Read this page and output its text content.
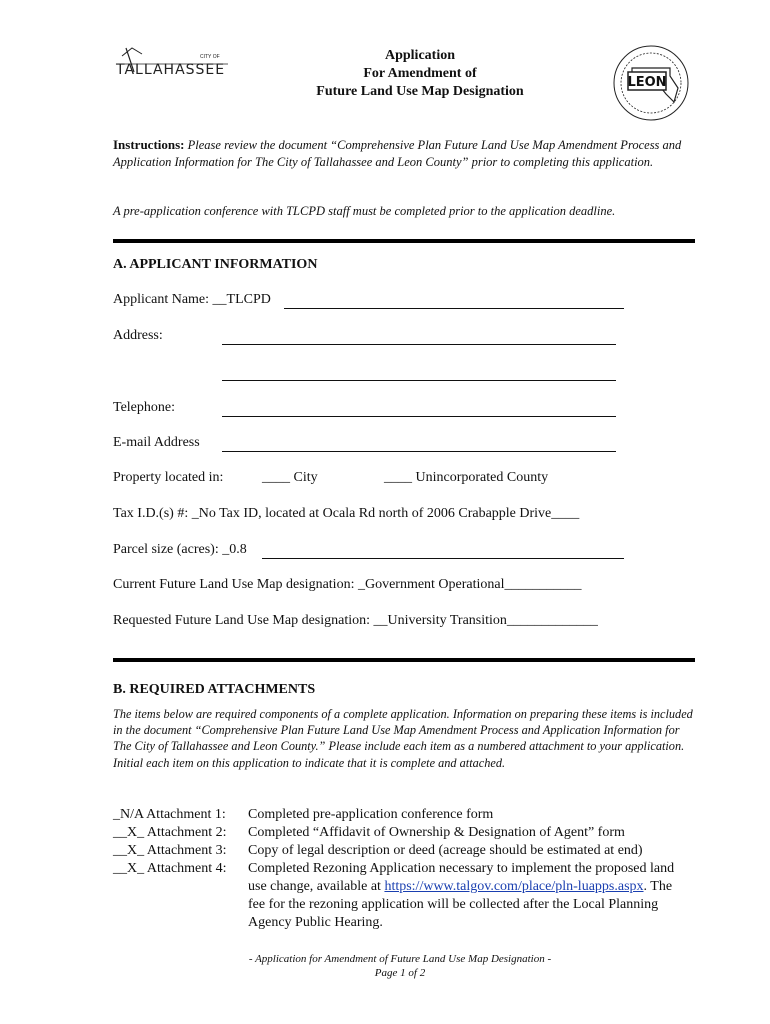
CITY OF
TALLAHASSEE
LEON
Application
For Amendment of
Future Land Use Map Designation
Instructions: Please review the document “Comprehensive Plan Future Land Use Map Amendment Process and Application Information for The City of Tallahassee and Leon County” prior to completing this application.
A pre-application conference with TLCPD staff must be completed prior to the application deadline.
A. APPLICANT INFORMATION
Applicant Name: __TLCPD
Address:
Telephone:
E-mail Address
Property located in:	____ City	____ Unincorporated County
Tax I.D.(s) #: _No Tax ID, located at Ocala Rd north of 2006 Crabapple Drive____
Parcel size (acres): _0.8
Current Future Land Use Map designation: _Government Operational___________
Requested Future Land Use Map designation: __University Transition_____________
B. REQUIRED ATTACHMENTS
The items below are required components of a complete application. Information on preparing these items is included in the document “Comprehensive Plan Future Land Use Map Amendment Process and Application Information for The City of Tallahassee and Leon County.” Please include each item as a numbered attachment to your application. Initial each item on this application to indicate that it is complete and attached.
_N/A Attachment 1:	Completed pre-application conference form
__X_ Attachment 2:	Completed “Affidavit of Ownership & Designation of Agent” form
__X_ Attachment 3:	Copy of legal description or deed (acreage should be estimated at end)
__X_ Attachment 4:	Completed Rezoning Application necessary to implement the proposed land use change, available at https://www.talgov.com/place/pln-luapps.aspx. The fee for the rezoning application will be collected after the Local Planning Agency Public Hearing.
- Application for Amendment of Future Land Use Map Designation -
Page 1 of 2
